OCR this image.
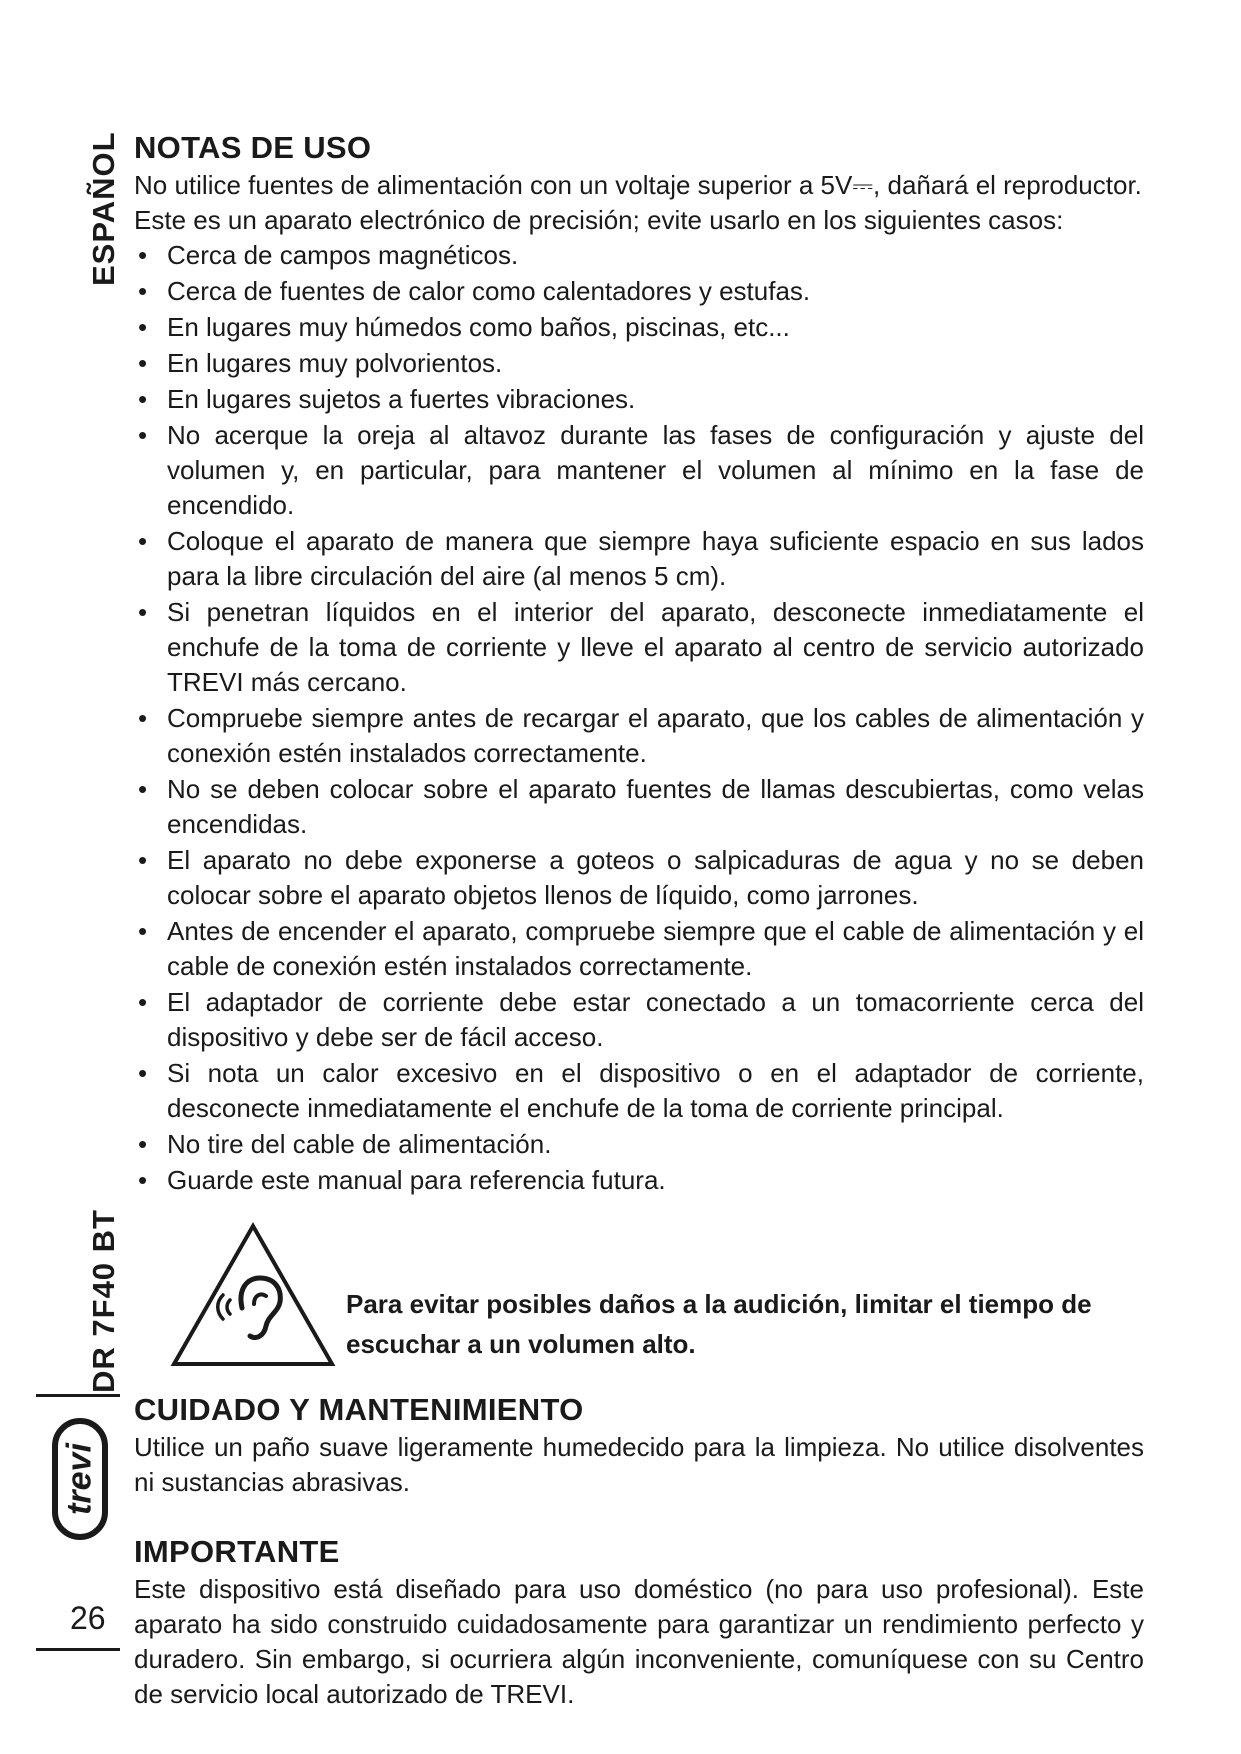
ESPAÑOL
DR 7F40 BT
trevi
26
NOTAS DE USO

No utilice fuentes de alimentación con un voltaje superior a 5V⎓, dañará el reproductor.

Este es un aparato electrónico de precisión; evite usarlo en los siguientes casos:

• Cerca de campos magnéticos.
• Cerca de fuentes de calor como calentadores y estufas.
• En lugares muy húmedos como baños, piscinas, etc...
• En lugares muy polvorientos.
• En lugares sujetos a fuertes vibraciones.
• No acerque la oreja al altavoz durante las fases de configuración y ajuste del volumen y, en particular, para mantener el volumen al mínimo en la fase de encendido.
• Coloque el aparato de manera que siempre haya suficiente espacio en sus lados para la libre circulación del aire (al menos 5 cm).
• Si penetran líquidos en el interior del aparato, desconecte inmediatamente el enchufe de la toma de corriente y lleve el aparato al centro de servicio autorizado TREVI más cercano.
• Compruebe siempre antes de recargar el aparato, que los cables de alimentación y conexión estén instalados correctamente.
• No se deben colocar sobre el aparato fuentes de llamas descubiertas, como velas encendidas.
• El aparato no debe exponerse a goteos o salpicaduras de agua y no se deben colocar sobre el aparato objetos llenos de líquido, como jarrones.
• Antes de encender el aparato, compruebe siempre que el cable de alimentación y el cable de conexión estén instalados correctamente.
• El adaptador de corriente debe estar conectado a un tomacorriente cerca del dispositivo y debe ser de fácil acceso.
• Si nota un calor excesivo en el dispositivo o en el adaptador de corriente, desconecte inmediatamente el enchufe de la toma de corriente principal.
• No tire del cable de alimentación.
• Guarde este manual para referencia futura.
Para evitar posibles daños a la audición, limitar el tiempo de escuchar a un volumen alto.
CUIDADO Y MANTENIMIENTO

Utilice un paño suave ligeramente humedecido para la limpieza. No utilice disolventes ni sustancias abrasivas.

IMPORTANTE

Este dispositivo está diseñado para uso doméstico (no para uso profesional). Este aparato ha sido construido cuidadosamente para garantizar un rendimiento perfecto y duradero. Sin embargo, si ocurriera algún inconveniente, comuníquese con su Centro de servicio local autorizado de TREVI.
